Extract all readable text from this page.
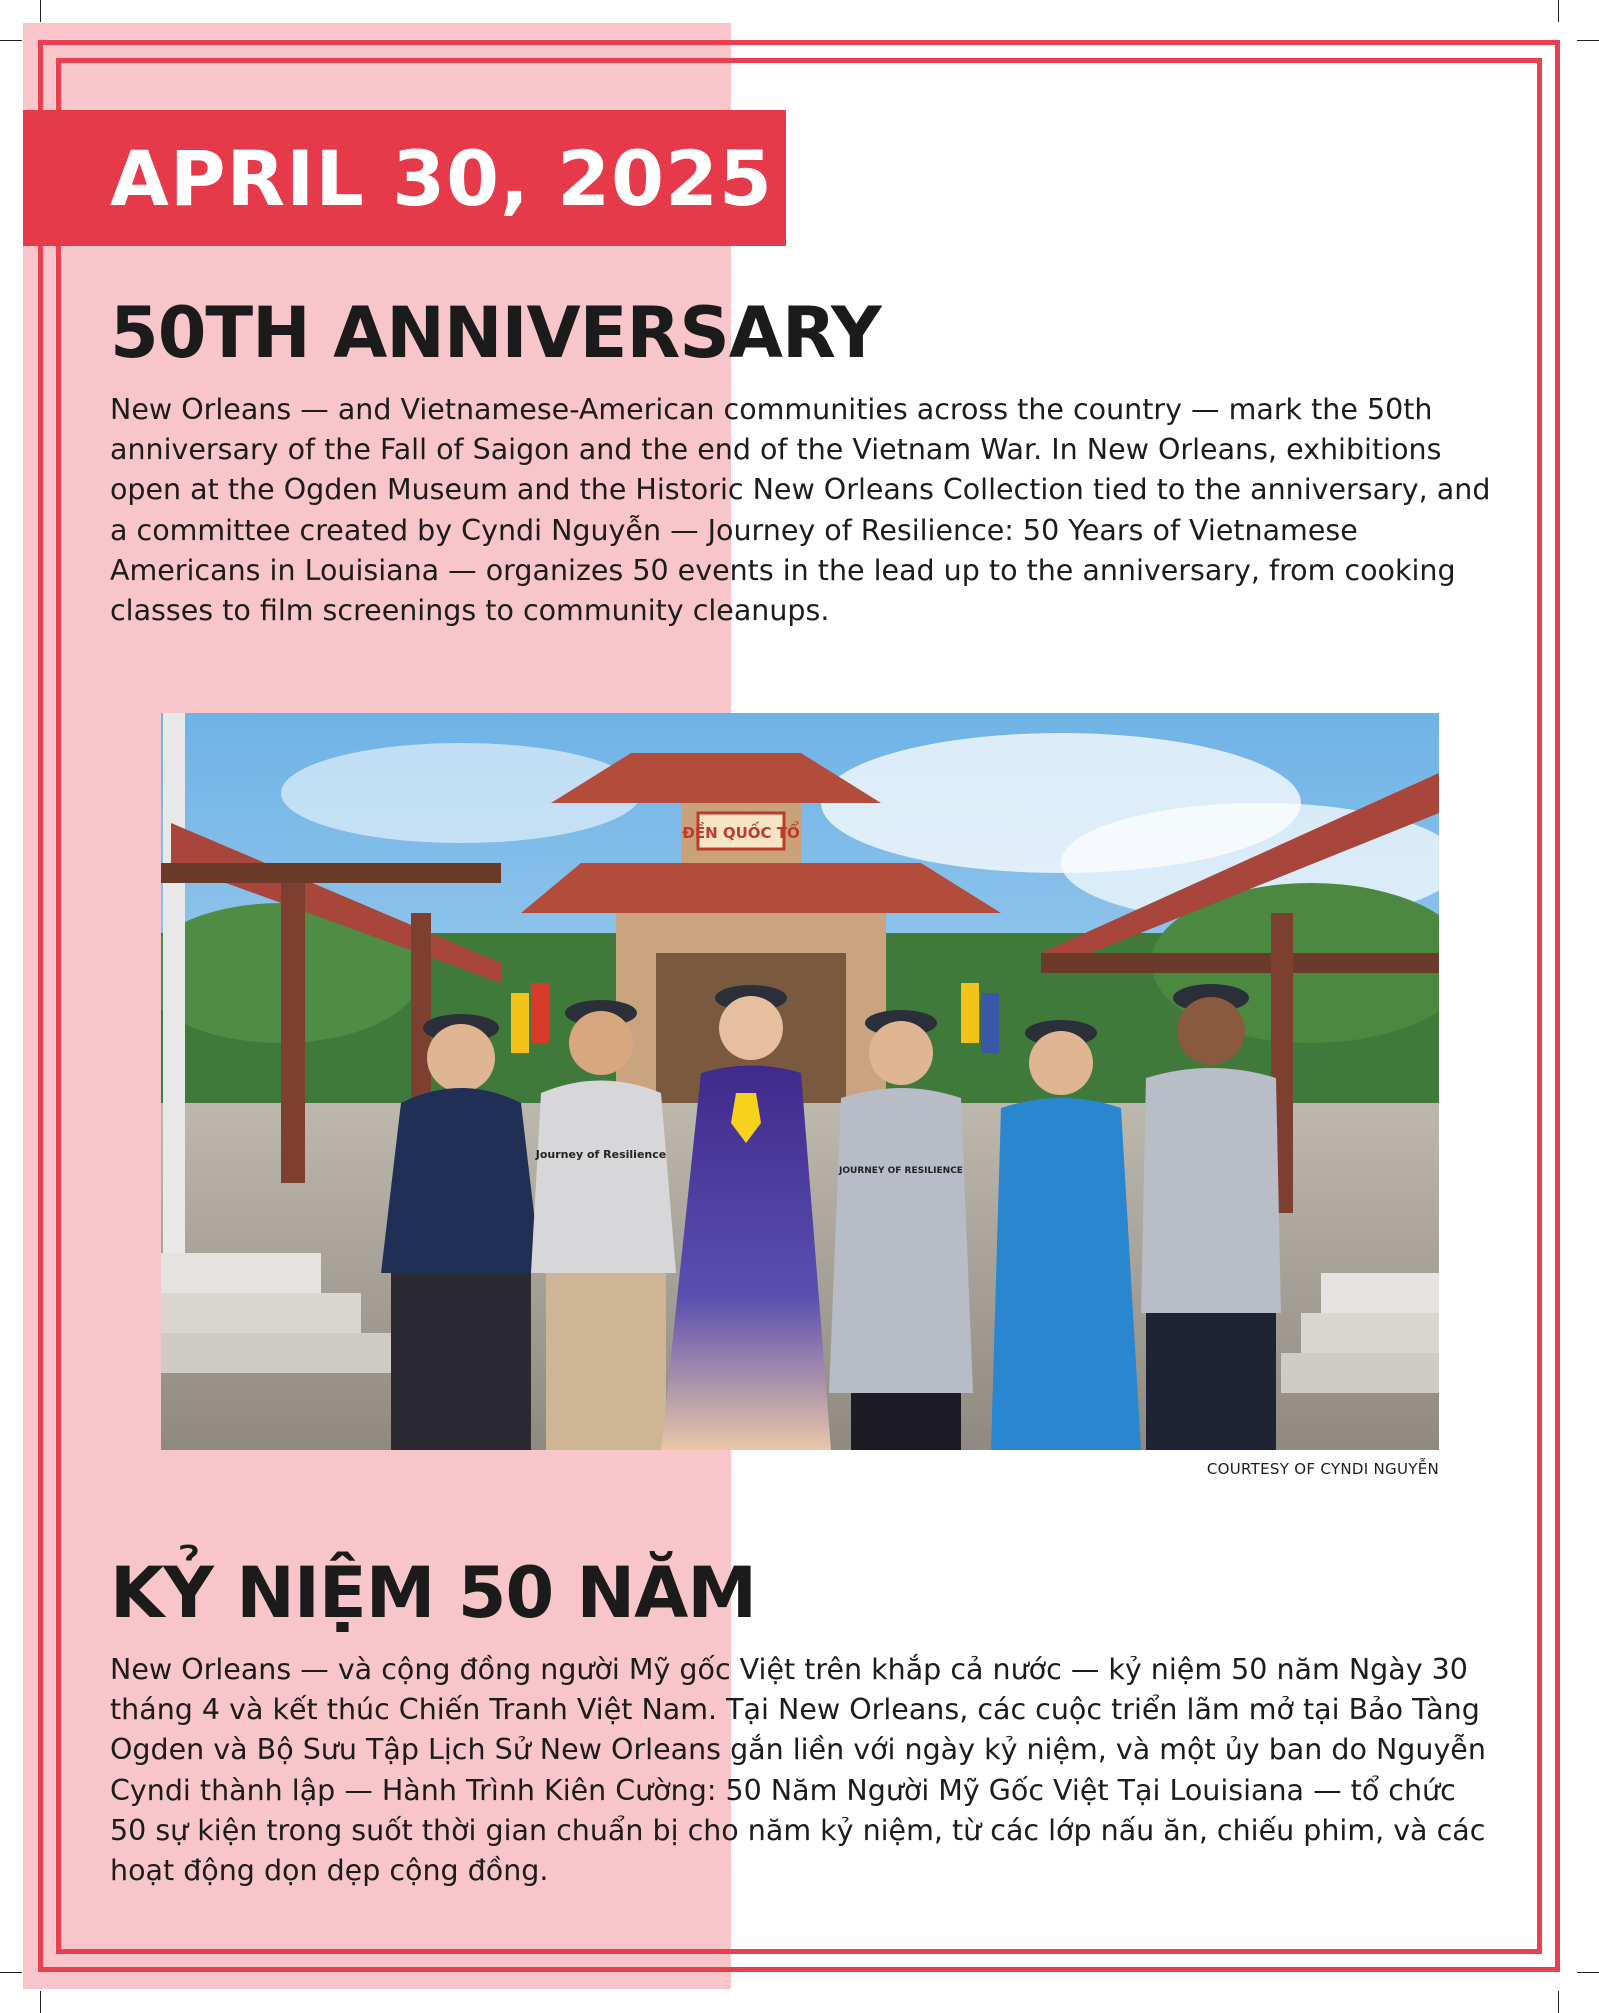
APRIL 30, 2025
50TH ANNIVERSARY

New Orleans — and Vietnamese-American communities across the country — mark the 50th anniversary of the Fall of Saigon and the end of the Vietnam War. In New Orleans, exhibitions open at the Ogden Museum and the Historic New Orleans Collection tied to the anniversary, and a committee created by Cyndi Nguyễn — Journey of Resilience: 50 Years of Vietnamese Americans in Louisiana — organizes 50 events in the lead up to the anniversary, from cooking classes to film screenings to community cleanups.

ĐỀN QUỐC TỔ
Journey of Resilience
JOURNEY OF RESILIENCE
COURTESY OF CYNDI NGUYỄN
KỶ NIỆM 50 NĂM

New Orleans — và cộng đồng người Mỹ gốc Việt trên khắp cả nước — kỷ niệm 50 năm Ngày 30 tháng 4 và kết thúc Chiến Tranh Việt Nam. Tại New Orleans, các cuộc triển lãm mở tại Bảo Tàng Ogden và Bộ Sưu Tập Lịch Sử New Orleans gắn liền với ngày kỷ niệm, và một ủy ban do Nguyễn Cyndi thành lập — Hành Trình Kiên Cường: 50 Năm Người Mỹ Gốc Việt Tại Louisiana — tổ chức 50 sự kiện trong suốt thời gian chuẩn bị cho năm kỷ niệm, từ các lớp nấu ăn, chiếu phim, và các hoạt động dọn dẹp cộng đồng.
